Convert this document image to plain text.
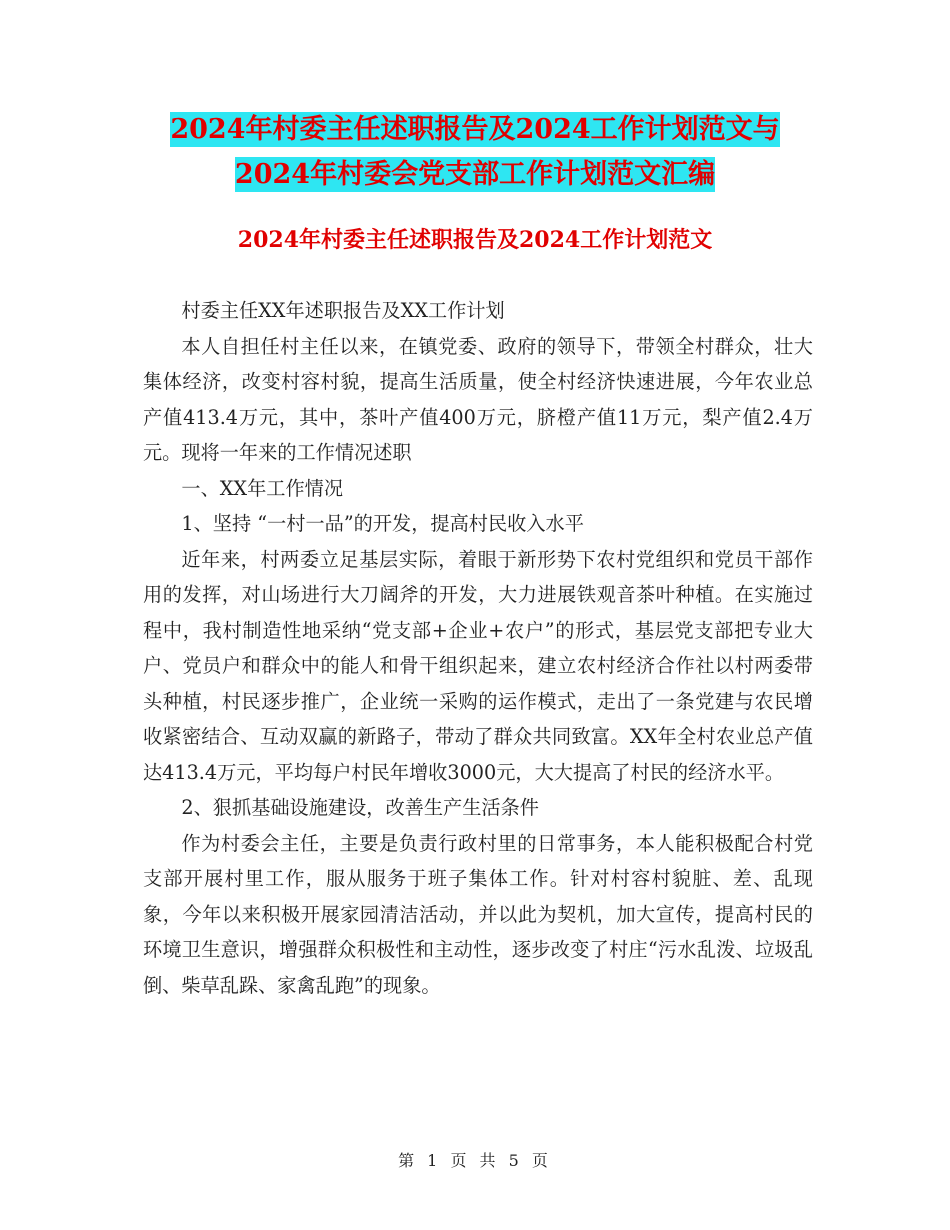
2024年村委主任述职报告及2024工作计划范文与
2024年村委会党支部工作计划范文汇编
2024年村委主任述职报告及2024工作计划范文

村委主任XX年述职报告及XX工作计划

本人自担任村主任以来，在镇党委、政府的领导下，带领全村群众，壮大集体经济，改变村容村貌，提高生活质量，使全村经济快速进展，今年农业总产值413.4万元，其中，茶叶产值400万元，脐橙产值11万元，梨产值2.4万元。现将一年来的工作情况述职

一、XX年工作情况

1、坚持 “一村一品”的开发，提高村民收入水平

近年来，村两委立足基层实际，着眼于新形势下农村党组织和党员干部作用的发挥，对山场进行大刀阔斧的开发，大力进展铁观音茶叶种植。在实施过程中，我村制造性地采纳“党支部+企业+农户”的形式，基层党支部把专业大户、党员户和群众中的能人和骨干组织起来，建立农村经济合作社以村两委带头种植，村民逐步推广，企业统一采购的运作模式，走出了一条党建与农民增收紧密结合、互动双赢的新路子，带动了群众共同致富。XX年全村农业总产值达413.4万元，平均每户村民年增收3000元，大大提高了村民的经济水平。

2、狠抓基础设施建设，改善生产生活条件

作为村委会主任，主要是负责行政村里的日常事务，本人能积极配合村党支部开展村里工作，服从服务于班子集体工作。针对村容村貌脏、差、乱现象，今年以来积极开展家园清洁活动，并以此为契机，加大宣传，提高村民的环境卫生意识，增强群众积极性和主动性，逐步改变了村庄“污水乱泼、垃圾乱倒、柴草乱跺、家禽乱跑”的现象。

第 1 页 共 5 页
